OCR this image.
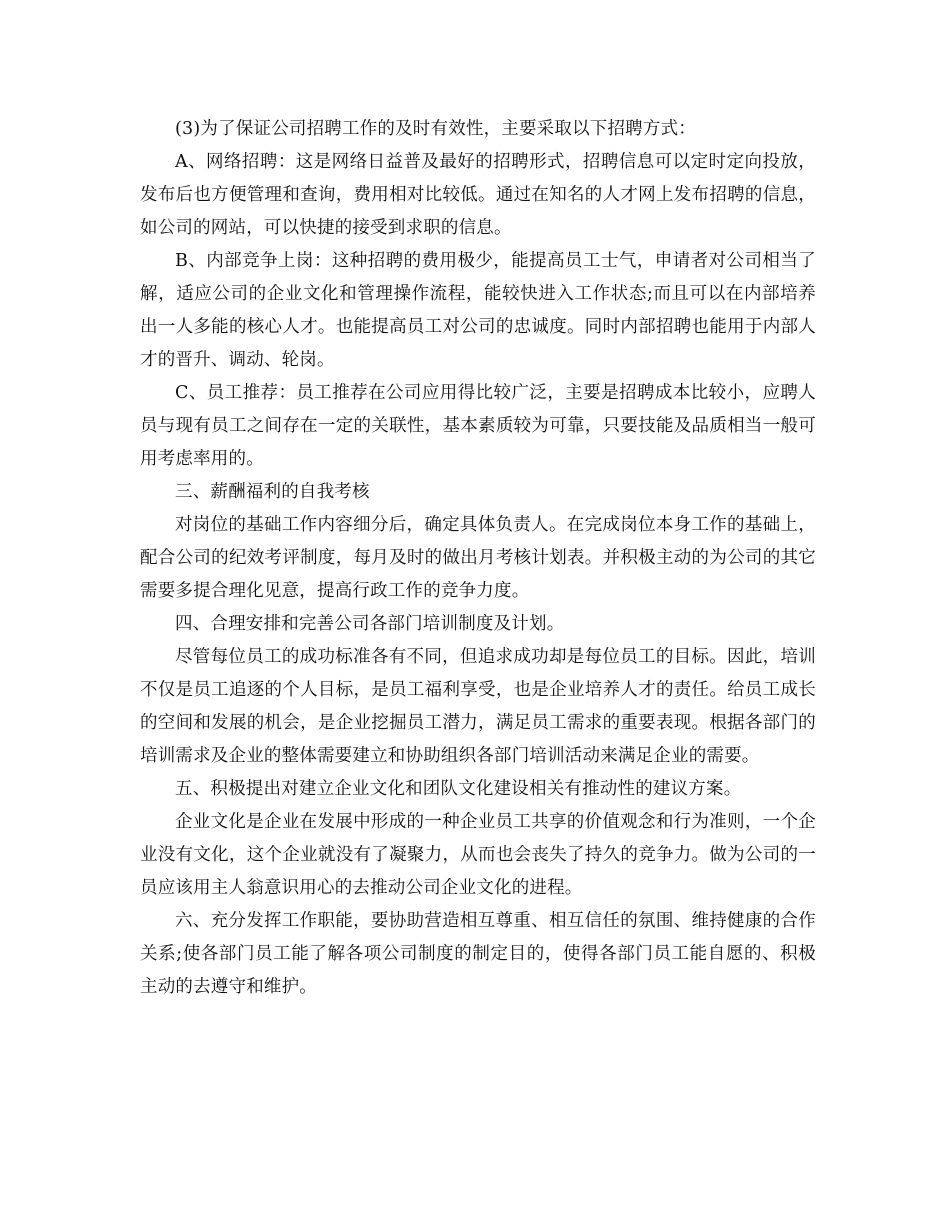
(3)为了保证公司招聘工作的及时有效性，主要采取以下招聘方式：

A、网络招聘：这是网络日益普及最好的招聘形式，招聘信息可以定时定向投放，发布后也方便管理和查询，费用相对比较低。通过在知名的人才网上发布招聘的信息，如公司的网站，可以快捷的接受到求职的信息。

B、内部竞争上岗：这种招聘的费用极少，能提高员工士气，申请者对公司相当了解，适应公司的企业文化和管理操作流程，能较快进入工作状态;而且可以在内部培养出一人多能的核心人才。也能提高员工对公司的忠诚度。同时内部招聘也能用于内部人才的晋升、调动、轮岗。

C、员工推荐：员工推荐在公司应用得比较广泛，主要是招聘成本比较小，应聘人员与现有员工之间存在一定的关联性，基本素质较为可靠，只要技能及品质相当一般可用考虑率用的。

三、薪酬福利的自我考核

对岗位的基础工作内容细分后，确定具体负责人。在完成岗位本身工作的基础上，配合公司的纪效考评制度，每月及时的做出月考核计划表。并积极主动的为公司的其它需要多提合理化见意，提高行政工作的竞争力度。

四、合理安排和完善公司各部门培训制度及计划。

尽管每位员工的成功标准各有不同，但追求成功却是每位员工的目标。因此，培训不仅是员工追逐的个人目标，是员工福利享受，也是企业培养人才的责任。给员工成长的空间和发展的机会，是企业挖掘员工潜力，满足员工需求的重要表现。根据各部门的培训需求及企业的整体需要建立和协助组织各部门培训活动来满足企业的需要。

五、积极提出对建立企业文化和团队文化建设相关有推动性的建议方案。

企业文化是企业在发展中形成的一种企业员工共享的价值观念和行为准则，一个企业没有文化，这个企业就没有了凝聚力，从而也会丧失了持久的竞争力。做为公司的一员应该用主人翁意识用心的去推动公司企业文化的进程。

六、充分发挥工作职能，要协助营造相互尊重、相互信任的氛围、维持健康的合作关系;使各部门员工能了解各项公司制度的制定目的，使得各部门员工能自愿的、积极主动的去遵守和维护。
